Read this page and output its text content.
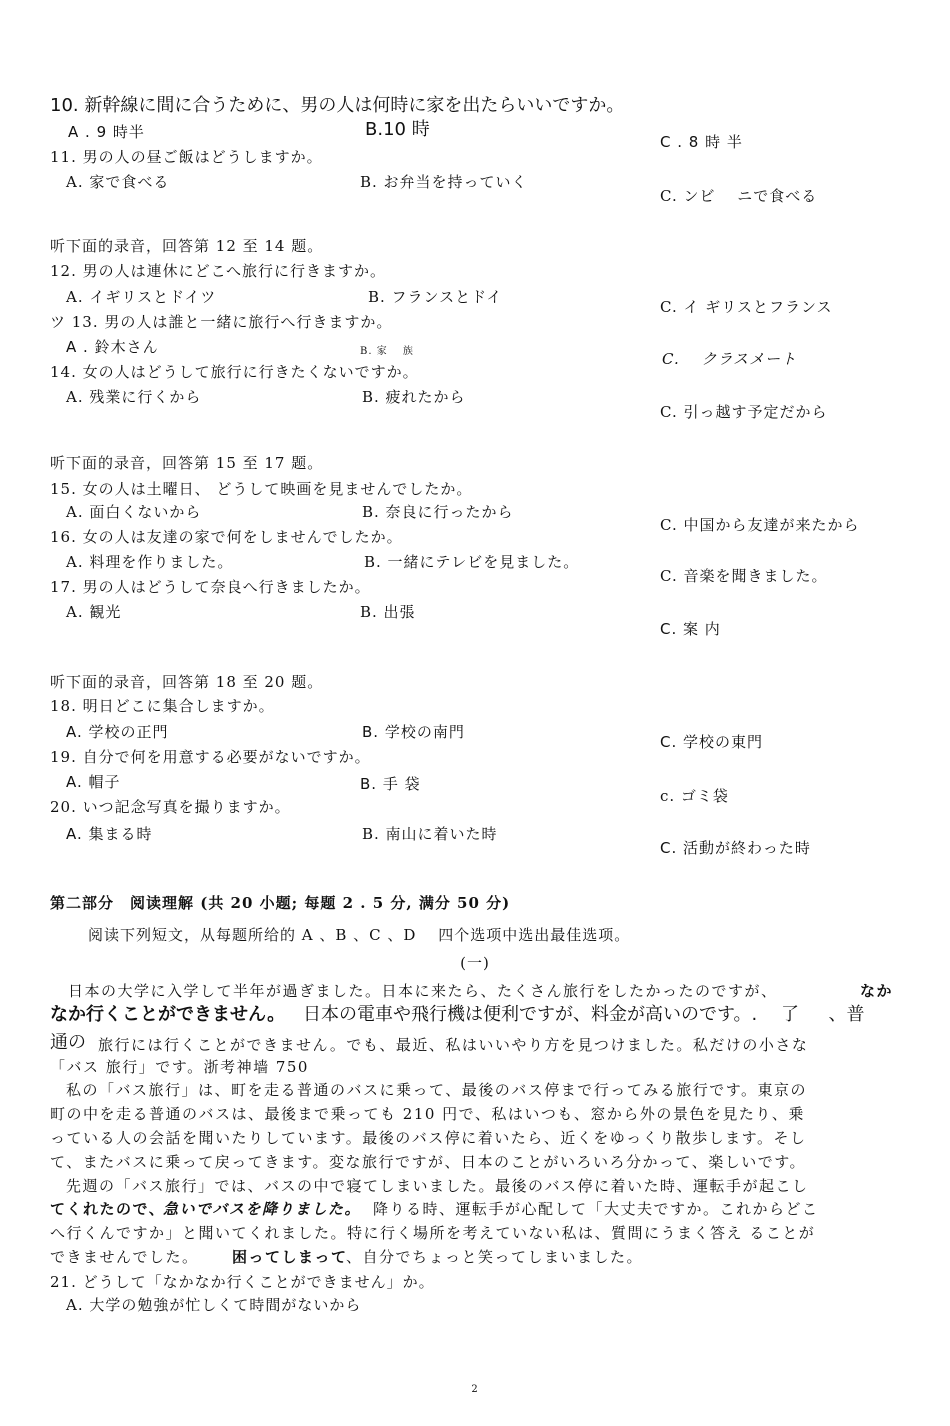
10. 新幹線に間に合うために、男の人は何時に家を出たらいいですか。
A . 9 時半	B.10 時
C . 8 時 半
11. 男の人の昼ご飯はどうしますか。
A. 家で食べる	B. お弁当を持っていく
C. ンビ 　ニで食べる
听下面的录音，回答第 12 至 14 题。
12. 男の人は連休にどこへ旅行に行きますか。
A. イギリスとドイツ	B. フランスとドイ
C. イ ギリスとフランス
ツ 13. 男の人は誰と一緒に旅行へ行きますか。
A . 鈴木さん	B. 家 　族	C. 　クラスメート
14. 女の人はどうして旅行に行きたくないですか。
A. 残業に行くから	B. 疲れたから
C. 引っ越す予定だから
听下面的录音，回答第 15 至 17 题。
15. 女の人は土曜日、 どうして映画を見ませんでしたか。
A. 面白くないから	B. 奈良に行ったから
C. 中国から友達が来たから
16. 女の人は友達の家で何をしませんでしたか。
A. 料理を作りました。	B. 一緒にテレビを見ました。
C. 音楽を聞きました。
17. 男の人はどうして奈良へ行きましたか。
A. 観光	B. 出張
C. 案 内
听下面的录音，回答第 18 至 20 题。
18. 明日どこに集合しますか。
A. 学校の正門	B. 学校の南門
C. 学校の東門
19. 自分で何を用意する必要がないですか。
A. 帽子	B. 手 袋
c. ゴミ袋
20. いつ記念写真を撮りますか。
A. 集まる時	B. 南山に着いた時
C. 活動が終わった時
第二部分　阅读理解 (共 20 小题; 每题 2 . 5 分, 满分 50 分)
阅读下列短文，从每题所给的 A 、B 、C 、D 　四个选项中选出最佳选项。
(一)
日本の大学に入学して半年が過ぎました。日本に来たら、たくさん旅行をしたかったのですが、	なか
なか行くことができません。 日本の電車や飛行機は便利ですが、料金が高いのです。. 　了 　 、普
通の 旅行には行くことができません。でも、最近、私はいいやり方を見つけました。私だけの小さな
「バス 旅行」です。浙考神墙 750
私の「バス旅行」は、町を走る普通のバスに乗って、最後のバス停まで行ってみる旅行です。東京の
町の中を走る普通のバスは、最後まで乗っても 210 円で、私はいつも、窓から外の景色を見たり、乗
っている人の会話を聞いたりしています。最後のバス停に着いたら、近くをゆっくり散歩します。そし
て、またバスに乗って戻ってきます。変な旅行ですが、日本のことがいろいろ分かって、楽しいです。
先週の「バス旅行」では、バスの中で寝てしまいました。最後のバス停に着いた時、運転手が起こし
てくれたので、
急いでバスを降りました。 降りる時、運転手が心配して「大丈夫ですか。これからどこ
へ行くんですか」と聞いてくれました。特に行く場所を考えていない私は、質問にうまく答え ることが
できませんでした。 困ってしまって
、自分でちょっと笑ってしまいました。
21. どうして「なかなか行くことができません」か。
A. 大学の勉強が忙しくて時間がないから
2
